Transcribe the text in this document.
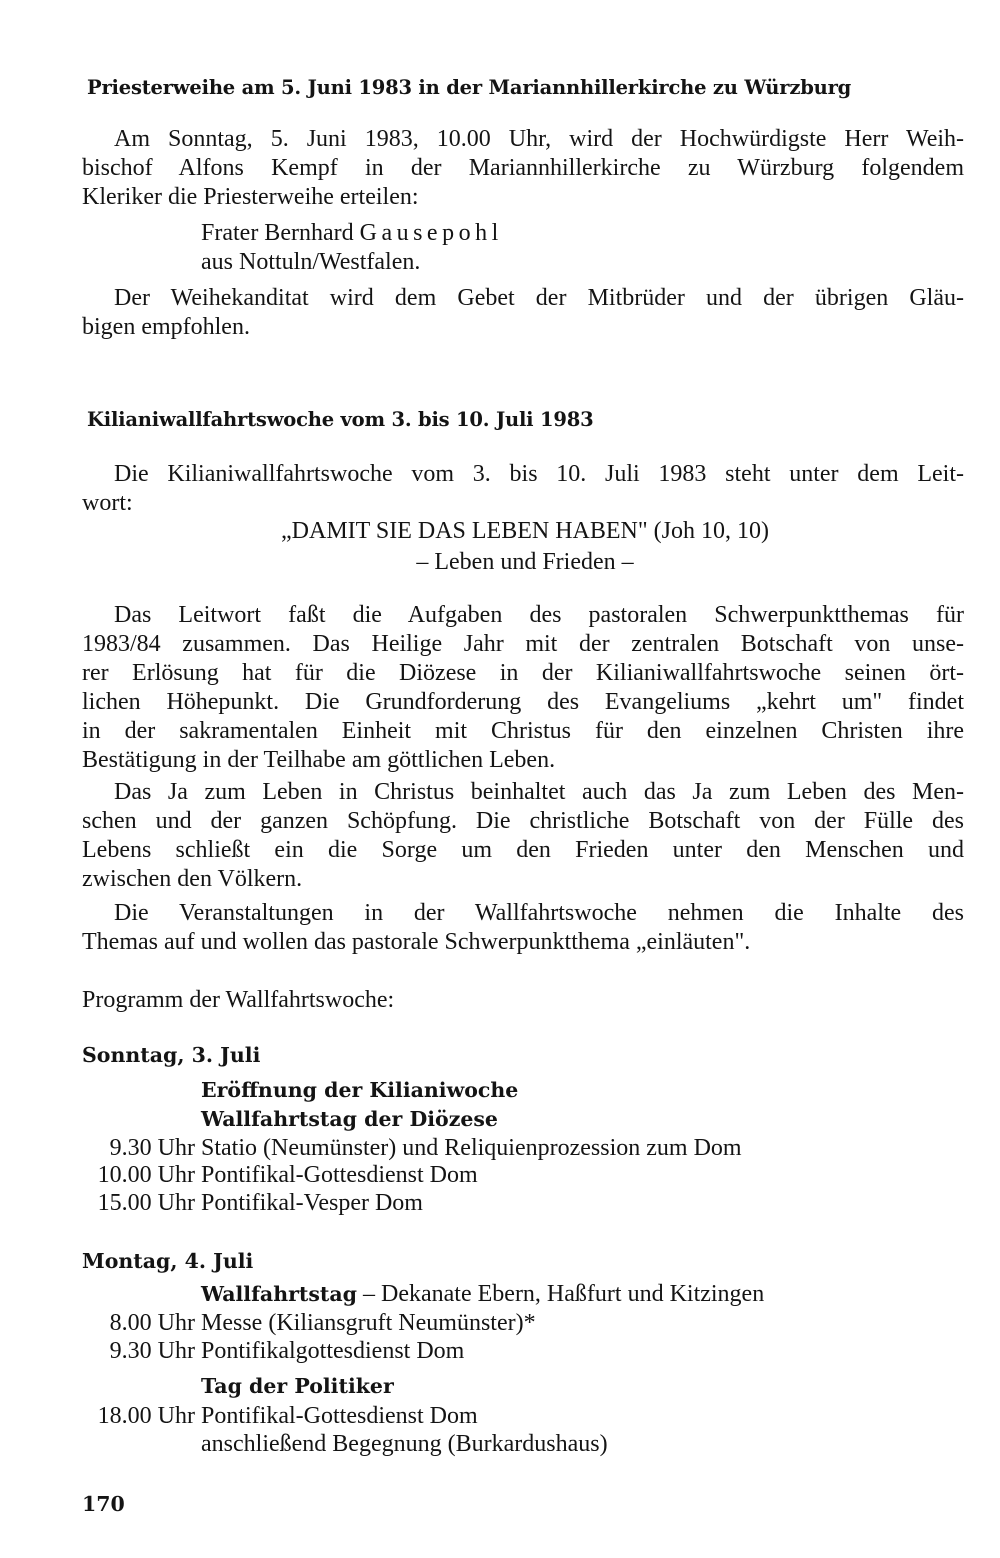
Priesterweihe am 5. Juni 1983 in der Mariannhillerkirche zu Würzburg
Am Sonntag, 5. Juni 1983, 10.00 Uhr, wird der Hochwürdigste Herr Weih-
bischof Alfons Kempf in der Mariannhillerkirche zu Würzburg folgendem
Kleriker die Priesterweihe erteilen:
Frater Bernhard Gausepohl
aus Nottuln/Westfalen.
Der Weihekanditat wird dem Gebet der Mitbrüder und der übrigen Gläu-
bigen empfohlen.
Kilianiwallfahrtswoche vom 3. bis 10. Juli 1983
Die Kilianiwallfahrtswoche vom 3. bis 10. Juli 1983 steht unter dem Leit-
wort:
„DAMIT SIE DAS LEBEN HABEN" (Joh 10, 10)
– Leben und Frieden –
Das Leitwort faßt die Aufgaben des pastoralen Schwerpunktthemas für
1983/84 zusammen. Das Heilige Jahr mit der zentralen Botschaft von unse-
rer Erlösung hat für die Diözese in der Kilianiwallfahrtswoche seinen ört-
lichen Höhepunkt. Die Grundforderung des Evangeliums „kehrt um" findet
in der sakramentalen Einheit mit Christus für den einzelnen Christen ihre
Bestätigung in der Teilhabe am göttlichen Leben.
Das Ja zum Leben in Christus beinhaltet auch das Ja zum Leben des Men-
schen und der ganzen Schöpfung. Die christliche Botschaft von der Fülle des
Lebens schließt ein die Sorge um den Frieden unter den Menschen und
zwischen den Völkern.
Die Veranstaltungen in der Wallfahrtswoche nehmen die Inhalte des
Themas auf und wollen das pastorale Schwerpunktthema „einläuten".
Programm der Wallfahrtswoche:
Sonntag, 3. Juli
Eröffnung der Kilianiwoche
Wallfahrtstag der Diözese
9.30 Uhr Statio (Neumünster) und Reliquienprozession zum Dom
10.00 Uhr Pontifikal-Gottesdienst Dom
15.00 Uhr Pontifikal-Vesper Dom
Montag, 4. Juli
Wallfahrtstag – Dekanate Ebern, Haßfurt und Kitzingen
8.00 Uhr Messe (Kiliansgruft Neumünster)*
9.30 Uhr Pontifikalgottesdienst Dom
Tag der Politiker
18.00 Uhr Pontifikal-Gottesdienst Dom
anschließend Begegnung (Burkardushaus)
170
